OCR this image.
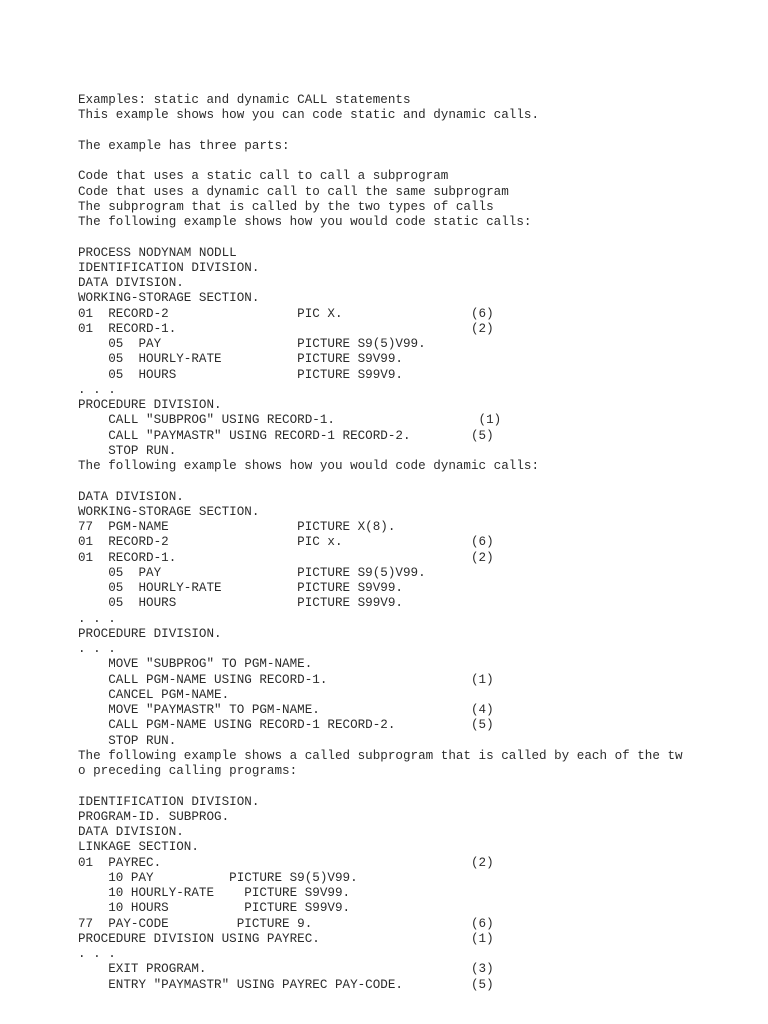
Examples: static and dynamic CALL statements
This example shows how you can code static and dynamic calls.
The example has three parts:
Code that uses a static call to call a subprogram
Code that uses a dynamic call to call the same subprogram
The subprogram that is called by the two types of calls
The following example shows how you would code static calls:
PROCESS NODYNAM NODLL
IDENTIFICATION DIVISION.
DATA DIVISION.
WORKING-STORAGE SECTION.
01  RECORD-2                 PIC X.                 (6)
01  RECORD-1.                                       (2)
05  PAY                  PICTURE S9(5)V99.
05  HOURLY-RATE          PICTURE S9V99.
05  HOURS                PICTURE S99V9.
. . .
PROCEDURE DIVISION.
CALL "SUBPROG" USING RECORD-1.                   (1)
CALL "PAYMASTR" USING RECORD-1 RECORD-2.        (5)
STOP RUN.
The following example shows how you would code dynamic calls:
DATA DIVISION.
WORKING-STORAGE SECTION.
77  PGM-NAME                 PICTURE X(8).
01  RECORD-2                 PIC x.                 (6)
01  RECORD-1.                                       (2)
05  PAY                  PICTURE S9(5)V99.
05  HOURLY-RATE          PICTURE S9V99.
05  HOURS                PICTURE S99V9.
. . .
PROCEDURE DIVISION.
. . .
MOVE "SUBPROG" TO PGM-NAME.
CALL PGM-NAME USING RECORD-1.                   (1)
CANCEL PGM-NAME.
MOVE "PAYMASTR" TO PGM-NAME.                    (4)
CALL PGM-NAME USING RECORD-1 RECORD-2.          (5)
STOP RUN.
The following example shows a called subprogram that is called by each of the tw
o preceding calling programs:
IDENTIFICATION DIVISION.
PROGRAM-ID. SUBPROG.
DATA DIVISION.
LINKAGE SECTION.
01  PAYREC.                                         (2)
10 PAY          PICTURE S9(5)V99.
10 HOURLY-RATE    PICTURE S9V99.
10 HOURS          PICTURE S99V9.
77  PAY-CODE         PICTURE 9.                     (6)
PROCEDURE DIVISION USING PAYREC.                    (1)
. . .
EXIT PROGRAM.                                   (3)
ENTRY "PAYMASTR" USING PAYREC PAY-CODE.         (5)
